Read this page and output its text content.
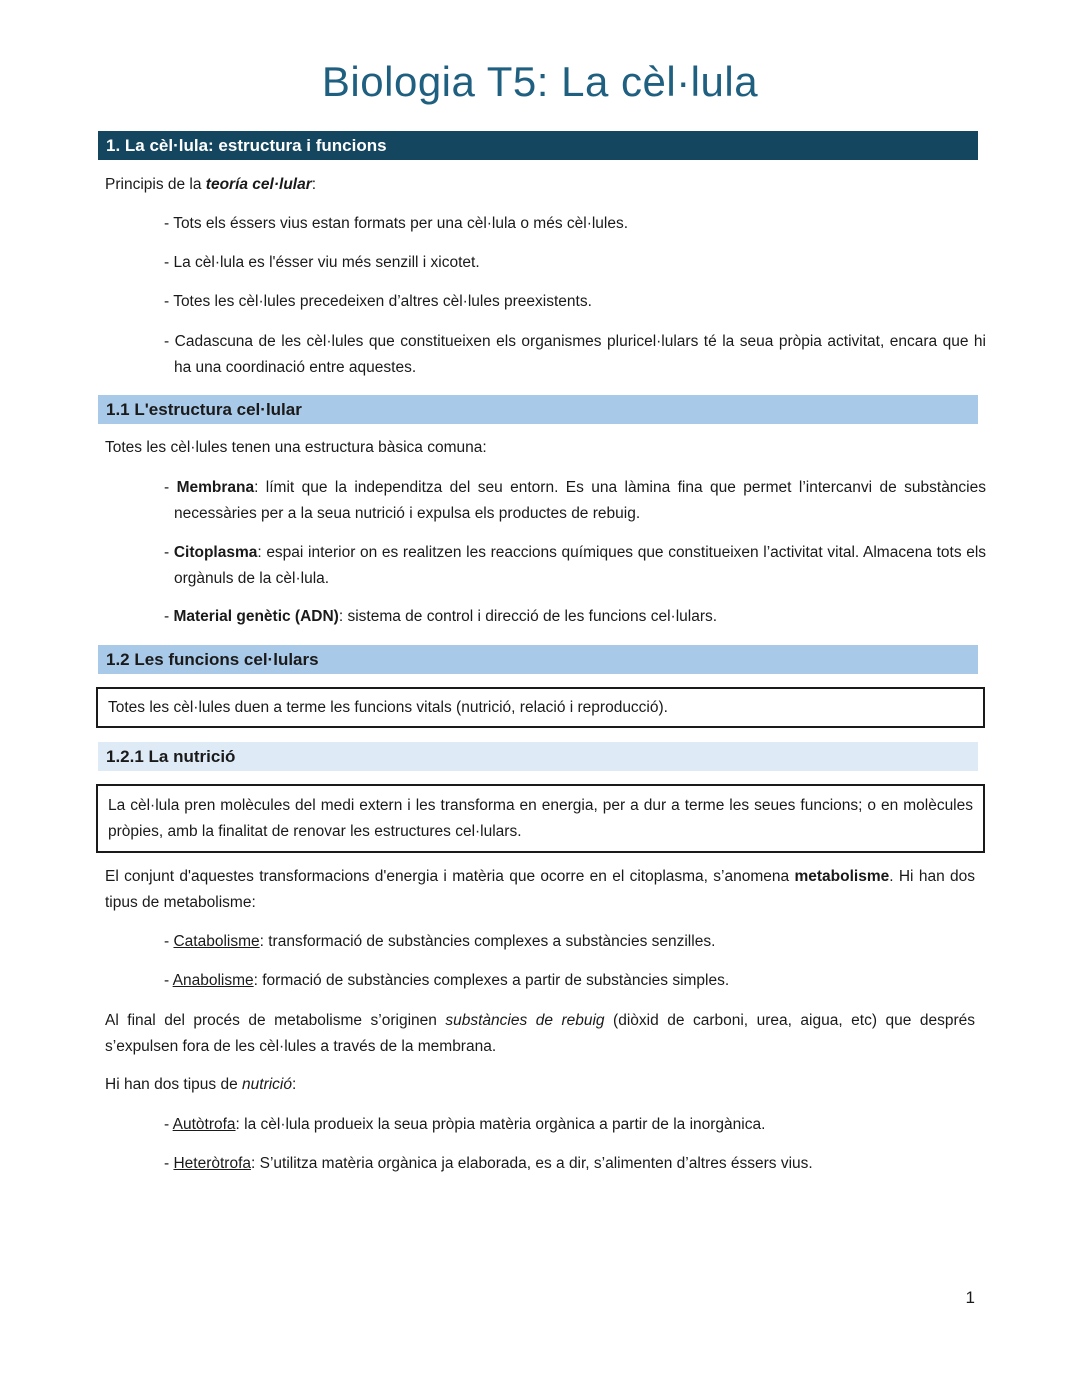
Biologia T5: La cèl·lula
1. La cèl·lula: estructura i funcions
Principis de la teoría cel·lular:
- Tots els éssers vius estan formats per una cèl·lula o més cèl·lules.
- La cèl·lula es l'ésser viu més senzill i xicotet.
- Totes les cèl·lules precedeixen d’altres cèl·lules preexistents.
- Cadascuna de les cèl·lules que constitueixen els organismes pluricel·lulars té la seua pròpia activitat, encara que hi ha una coordinació entre aquestes.
1.1 L'estructura cel·lular
Totes les cèl·lules tenen una estructura bàsica comuna:
- Membrana: límit que la independitza del seu entorn. Es una làmina fina que permet l’intercanvi de substàncies necessàries per a la seua nutrició i expulsa els productes de rebuig.
- Citoplasma: espai interior on es realitzen les reaccions químiques que constitueixen l’activitat vital. Almacena tots els orgànuls de la cèl·lula.
- Material genètic (ADN): sistema de control i direcció de les funcions cel·lulars.
1.2 Les funcions cel·lulars
Totes les cèl·lules duen a terme les funcions vitals (nutrició, relació i reproducció).
1.2.1 La nutrició
La cèl·lula pren molècules del medi extern i les transforma en energia, per a dur a terme les seues funcions; o en molècules pròpies, amb la finalitat de renovar les estructures cel·lulars.
El conjunt d'aquestes transformacions d'energia i matèria que ocorre en el citoplasma, s’anomena metabolisme. Hi han dos tipus de metabolisme:
- Catabolisme: transformació de substàncies complexes a substàncies senzilles.
- Anabolisme: formació de substàncies complexes a partir de substàncies simples.
Al final del procés de metabolisme s’originen substàncies de rebuig (diòxid de carboni, urea, aigua, etc) que després s’expulsen fora de les cèl·lules a través de la membrana.
Hi han dos tipus de nutrició:
- Autòtrofa: la cèl·lula produeix la seua pròpia matèria orgànica a partir de la inorgànica.
- Heteròtrofa: S’utilitza matèria orgànica ja elaborada, es a dir, s’alimenten d’altres éssers vius.
1
